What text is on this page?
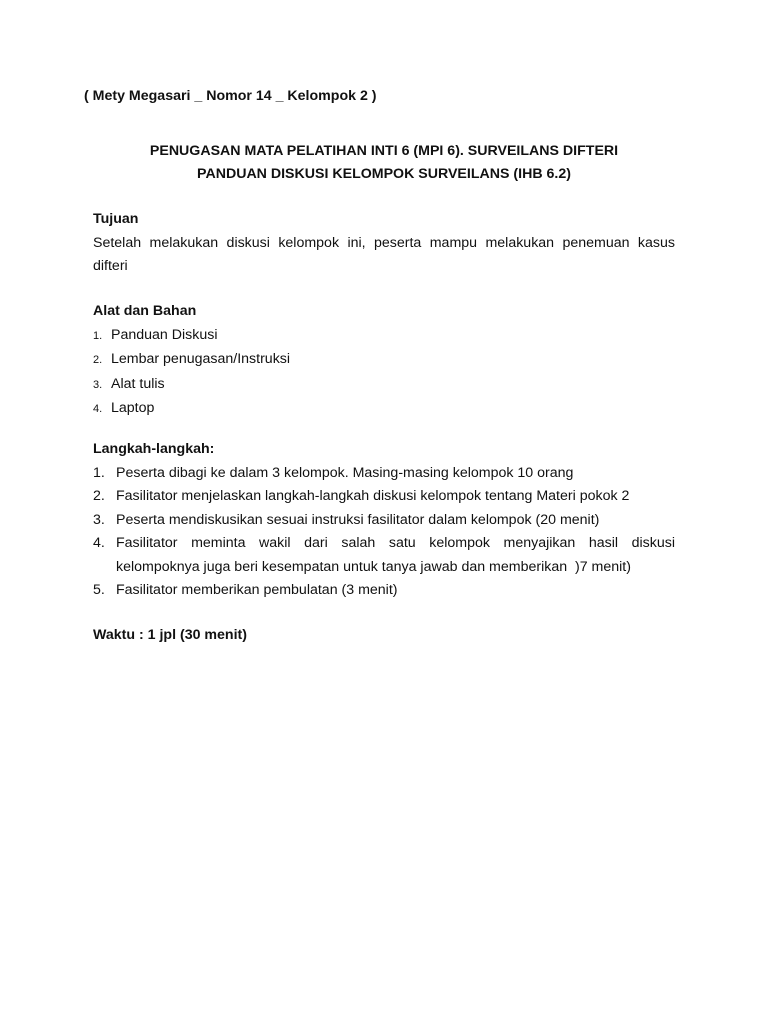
( Mety Megasari _ Nomor 14 _ Kelompok 2 )
PENUGASAN MATA PELATIHAN INTI 6 (MPI 6). SURVEILANS DIFTERI
PANDUAN DISKUSI KELOMPOK SURVEILANS (IHB 6.2)
Tujuan
Setelah melakukan diskusi kelompok ini, peserta mampu melakukan penemuan kasus
difteri
Alat dan Bahan
1. Panduan Diskusi
2. Lembar penugasan/Instruksi
3. Alat tulis
4. Laptop
Langkah-langkah:
1. Peserta dibagi ke dalam 3 kelompok. Masing-masing kelompok 10 orang
2. Fasilitator menjelaskan langkah-langkah diskusi kelompok tentang Materi pokok 2
3. Peserta mendiskusikan sesuai instruksi fasilitator dalam kelompok (20 menit)
4. Fasilitator meminta wakil dari salah satu kelompok menyajikan hasil diskusi
kelompoknya juga beri kesempatan untuk tanya jawab dan memberikan  )7 menit)
5. Fasilitator memberikan pembulatan (3 menit)
Waktu : 1 jpl (30 menit)
